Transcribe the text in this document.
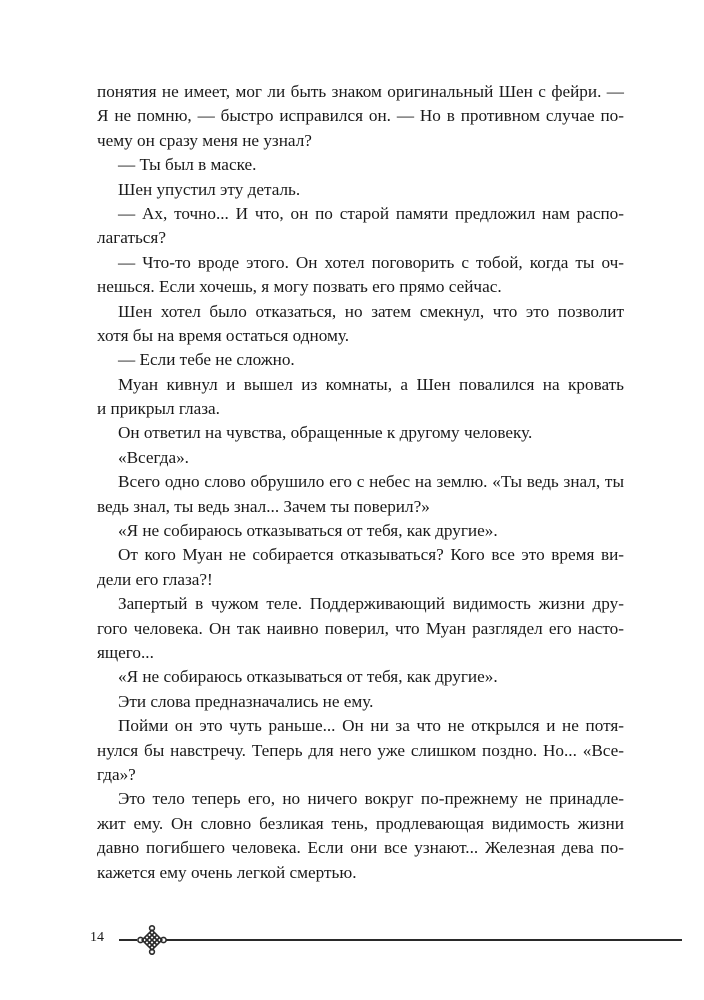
понятия не имеет, мог ли быть знаком оригинальный Шен с фейри. —
Я не помню, — быстро исправился он. — Но в противном случае по-
чему он сразу меня не узнал?
— Ты был в маске.
Шен упустил эту деталь.
— Ах, точно... И что, он по старой памяти предложил нам распо-
лагаться?
— Что-то вроде этого. Он хотел поговорить с тобой, когда ты оч-
нешься. Если хочешь, я могу позвать его прямо сейчас.
Шен хотел было отказаться, но затем смекнул, что это позволит
хотя бы на время остаться одному.
— Если тебе не сложно.
Муан кивнул и вышел из комнаты, а Шен повалился на кровать
и прикрыл глаза.
Он ответил на чувства, обращенные к другому человеку.
«Всегда».
Всего одно слово обрушило его с небес на землю. «Ты ведь знал, ты
ведь знал, ты ведь знал... Зачем ты поверил?»
«Я не собираюсь отказываться от тебя, как другие».
От кого Муан не собирается отказываться? Кого все это время ви-
дели его глаза?!
Запертый в чужом теле. Поддерживающий видимость жизни дру-
гого человека. Он так наивно поверил, что Муан разглядел его насто-
ящего...
«Я не собираюсь отказываться от тебя, как другие».
Эти слова предназначались не ему.
Пойми он это чуть раньше... Он ни за что не открылся и не потя-
нулся бы навстречу. Теперь для него уже слишком поздно. Но... «Все-
гда»?
Это тело теперь его, но ничего вокруг по-прежнему не принадле-
жит ему. Он словно безликая тень, продлевающая видимость жизни
давно погибшего человека. Если они все узнают... Железная дева по-
кажется ему очень легкой смертью.
14
